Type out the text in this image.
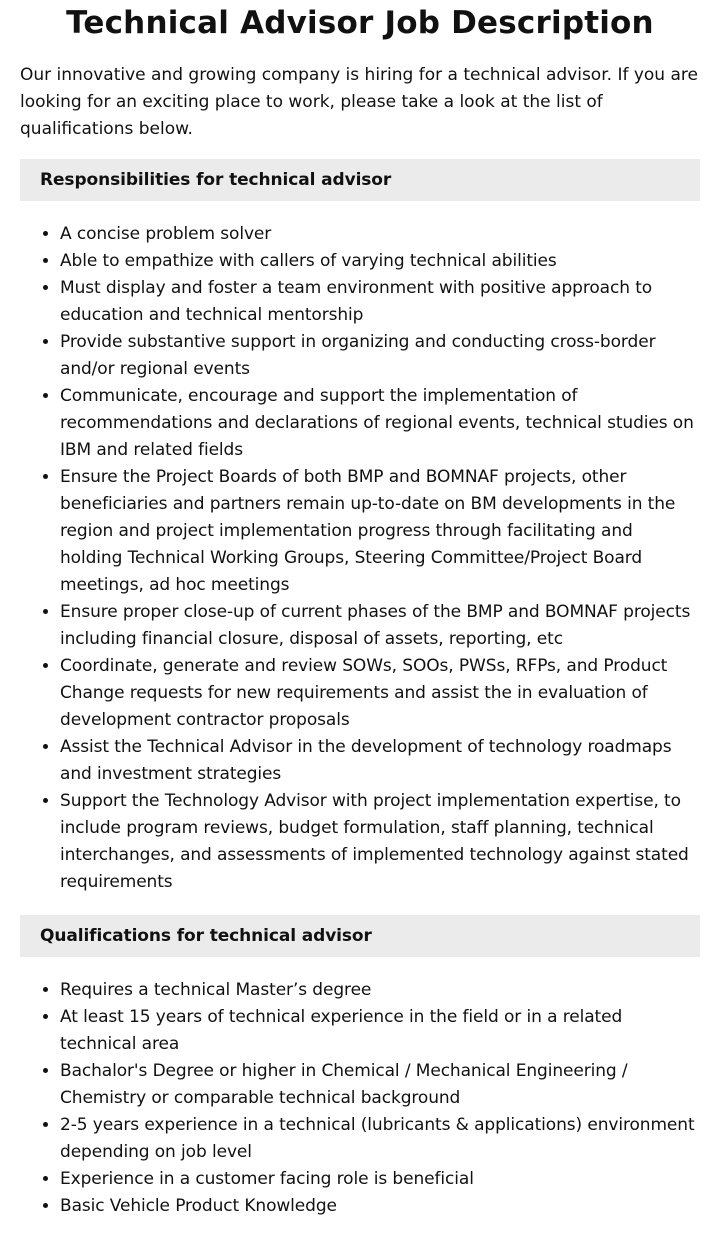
Technical Advisor Job Description

Our innovative and growing company is hiring for a technical advisor. If you are looking for an exciting place to work, please take a look at the list of qualifications below.

Responsibilities for technical advisor
• A concise problem solver
• Able to empathize with callers of varying technical abilities
• Must display and foster a team environment with positive approach to education and technical mentorship
• Provide substantive support in organizing and conducting cross-border and/or regional events
• Communicate, encourage and support the implementation of recommendations and declarations of regional events, technical studies on IBM and related fields
• Ensure the Project Boards of both BMP and BOMNAF projects, other beneficiaries and partners remain up-to-date on BM developments in the region and project implementation progress through facilitating and holding Technical Working Groups, Steering Committee/Project Board meetings, ad hoc meetings
• Ensure proper close-up of current phases of the BMP and BOMNAF projects including financial closure, disposal of assets, reporting, etc
• Coordinate, generate and review SOWs, SOOs, PWSs, RFPs, and Product Change requests for new requirements and assist the in evaluation of development contractor proposals
• Assist the Technical Advisor in the development of technology roadmaps and investment strategies
• Support the Technology Advisor with project implementation expertise, to include program reviews, budget formulation, staff planning, technical interchanges, and assessments of implemented technology against stated requirements
Qualifications for technical advisor
• Requires a technical Master’s degree
• At least 15 years of technical experience in the field or in a related technical area
• Bachalor's Degree or higher in Chemical / Mechanical Engineering / Chemistry or comparable technical background
• 2-5 years experience in a technical (lubricants & applications) environment depending on job level
• Experience in a customer facing role is beneficial
• Basic Vehicle Product Knowledge
